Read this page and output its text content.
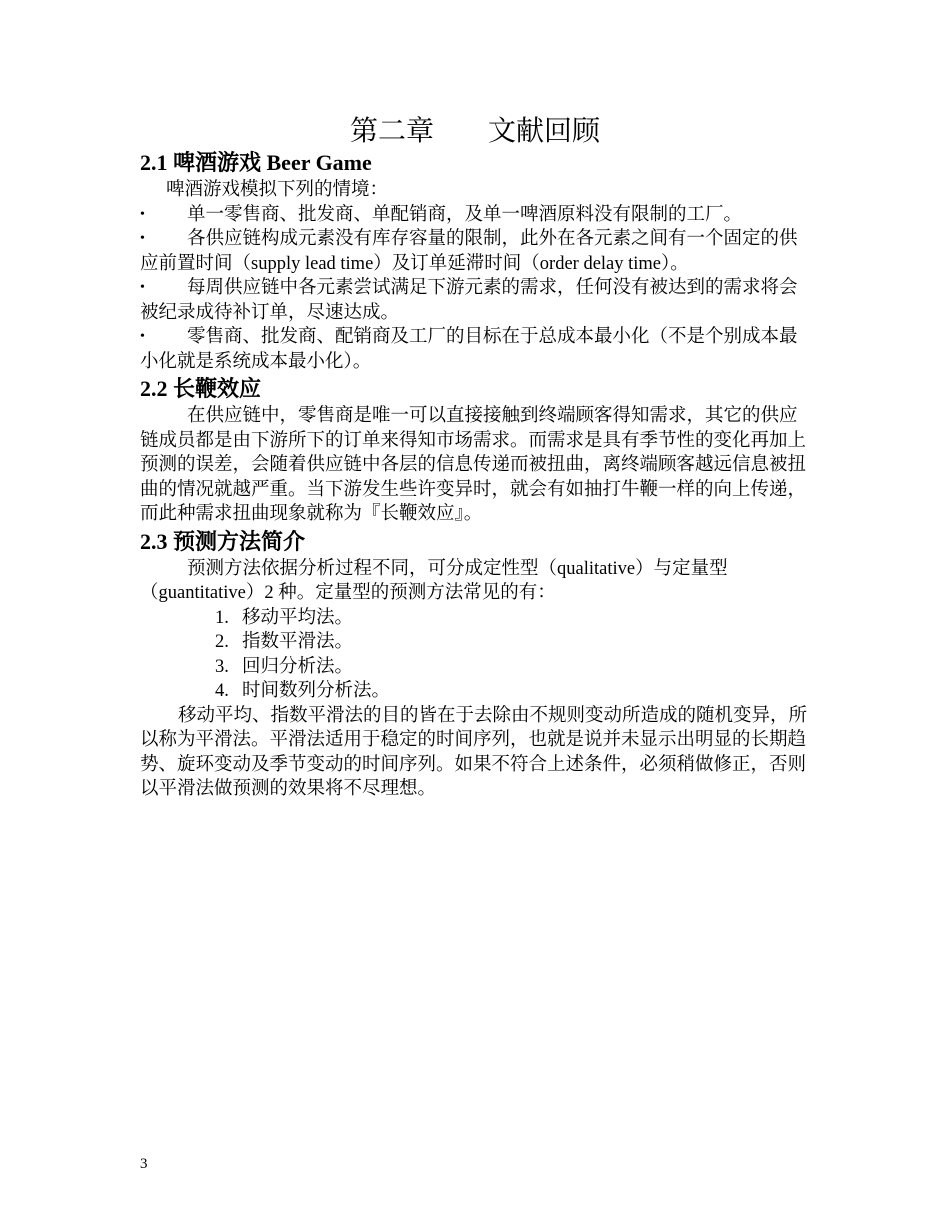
第二章 文献回顾
2.1 啤酒游戏 Beer Game

啤酒游戏模拟下列的情境：

• 单一零售商、批发商、单配销商，及单一啤酒原料没有限制的工厂。

• 各供应链构成元素没有库存容量的限制，此外在各元素之间有一个固定的供应前置时间（supply lead time）及订单延滞时间（order delay time）。

• 每周供应链中各元素尝试满足下游元素的需求，任何没有被达到的需求将会被纪录成待补订单，尽速达成。

• 零售商、批发商、配销商及工厂的目标在于总成本最小化（不是个别成本最小化就是系统成本最小化）。

2.2 长鞭效应

在供应链中，零售商是唯一可以直接接触到终端顾客得知需求，其它的供应链成员都是由下游所下的订单来得知市场需求。而需求是具有季节性的变化再加上预测的误差，会随着供应链中各层的信息传递而被扭曲，离终端顾客越远信息被扭曲的情况就越严重。当下游发生些许变异时，就会有如抽打牛鞭一样的向上传递，而此种需求扭曲现象就称为『长鞭效应』。

2.3 预测方法简介

预测方法依据分析过程不同，可分成定性型（qualitative）与定量型（guantitative）2 种。定量型的预测方法常见的有：

1. 移动平均法。
2. 指数平滑法。
3. 回归分析法。
4. 时间数列分析法。

移动平均、指数平滑法的目的皆在于去除由不规则变动所造成的随机变异，所以称为平滑法。平滑法适用于稳定的时间序列，也就是说并未显示出明显的长期趋势、旋环变动及季节变动的时间序列。如果不符合上述条件，必须稍做修正，否则以平滑法做预测的效果将不尽理想。

3
